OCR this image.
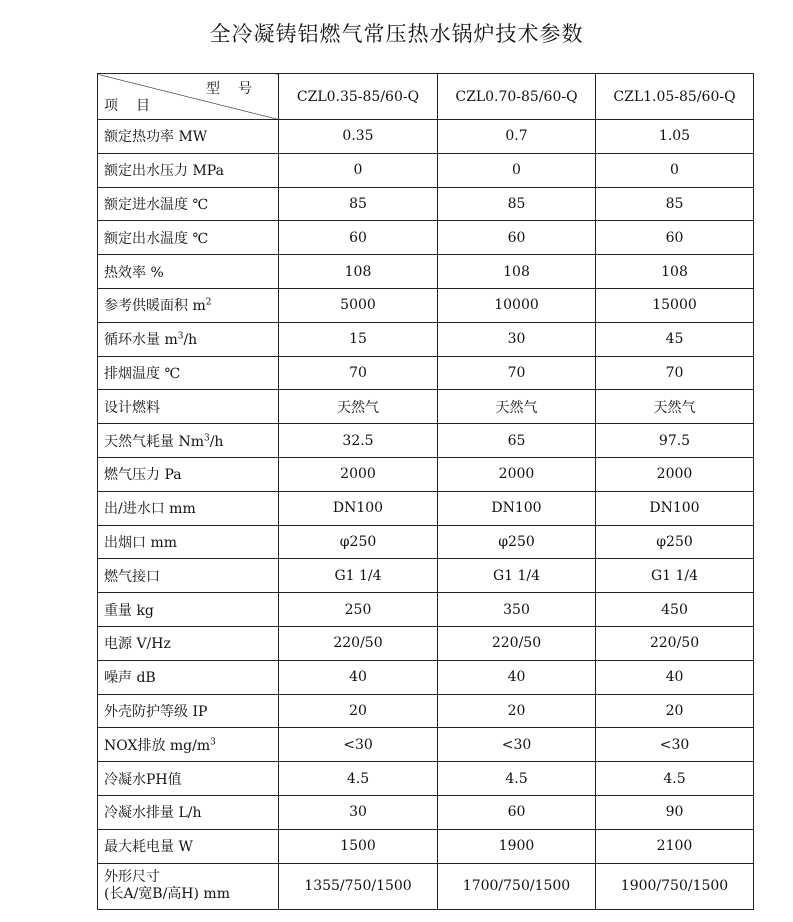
全冷凝铸铝燃气常压热水锅炉技术参数
型号
项目	CZL0.35-85/60-Q	CZL0.70-85/60-Q	CZL1.05-85/60-Q
额定热功率 MW	0.35	0.7	1.05
额定出水压力 MPa	0	0	0
额定进水温度 ℃	85	85	85
额定出水温度 ℃	60	60	60
热效率 %	108	108	108
参考供暖面积 $m^2$	5000	10000	15000
循环水量 $m^3/h$	15	30	45
排烟温度 ℃	70	70	70
设计燃料	天然气	天然气	天然气
天然气耗量 Nm$^3$/h	32.5	65	97.5
燃气压力 Pa	2000	2000	2000
出/进水口 mm	DN100	DN100	DN100
出烟口 mm	φ250	φ250	φ250
燃气接口	G1 1/4	G1 1/4	G1 1/4
重量 kg	250	350	450
电源 V/Hz	220/50	220/50	220/50
噪声 dB	40	40	40
外壳防护等级 IP	20	20	20
NOX排放 $mg/m^3$	<30	<30	<30
冷凝水PH值	4.5	4.5	4.5
冷凝水排量 L/h	30	60	90
最大耗电量 W	1500	1900	2100

外形尺寸
(长A/宽B/高H) mm	1355/750/1500	1700/750/1500	1900/750/1500
